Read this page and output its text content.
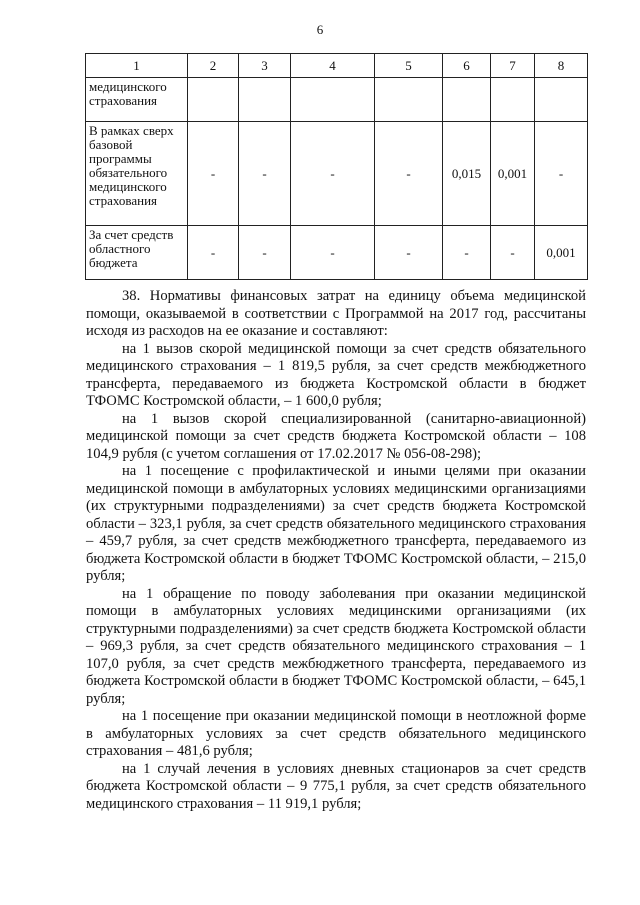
6
1	2	3	4	5	6	7	8
медицинского страхования							
В рамках сверх базовой программы обязательного медицинского страхования	-	-	-	-	0,015	0,001	-
За счет средств областного бюджета	-	-	-	-	-	-	0,001

38. Нормативы финансовых затрат на единицу объема медицинской помощи, оказываемой в соответствии с Программой на 2017 год, рассчитаны исходя из расходов на ее оказание и составляют:

на 1 вызов скорой медицинской помощи за счет средств обязательного медицинского страхования – 1 819,5 рубля, за счет средств межбюджетного трансферта, передаваемого из бюджета Костромской области в бюджет ТФОМС Костромской области, – 1 600,0 рубля;

на 1 вызов скорой специализированной (санитарно-авиационной) медицинской помощи за счет средств бюджета Костромской области – 108 104,9 рубля (с учетом соглашения от 17.02.2017 № 056-08-298);

на 1 посещение с профилактической и иными целями при оказании медицинской помощи в амбулаторных условиях медицинскими организациями (их структурными подразделениями) за счет средств бюджета Костромской области – 323,1 рубля, за счет средств обязательного медицинского страхования – 459,7 рубля, за счет средств межбюджетного трансферта, передаваемого из бюджета Костромской области в бюджет ТФОМС Костромской области, – 215,0 рубля;

на 1 обращение по поводу заболевания при оказании медицинской помощи в амбулаторных условиях медицинскими организациями (их структурными подразделениями) за счет средств бюджета Костромской области – 969,3 рубля, за счет средств обязательного медицинского страхования – 1 107,0 рубля, за счет средств межбюджетного трансферта, передаваемого из бюджета Костромской области в бюджет ТФОМС Костромской области, – 645,1 рубля;

на 1 посещение при оказании медицинской помощи в неотложной форме в амбулаторных условиях за счет средств обязательного медицинского страхования – 481,6 рубля;

на 1 случай лечения в условиях дневных стационаров за счет средств бюджета Костромской области – 9 775,1 рубля, за счет средств обязательного медицинского страхования – 11 919,1 рубля;
